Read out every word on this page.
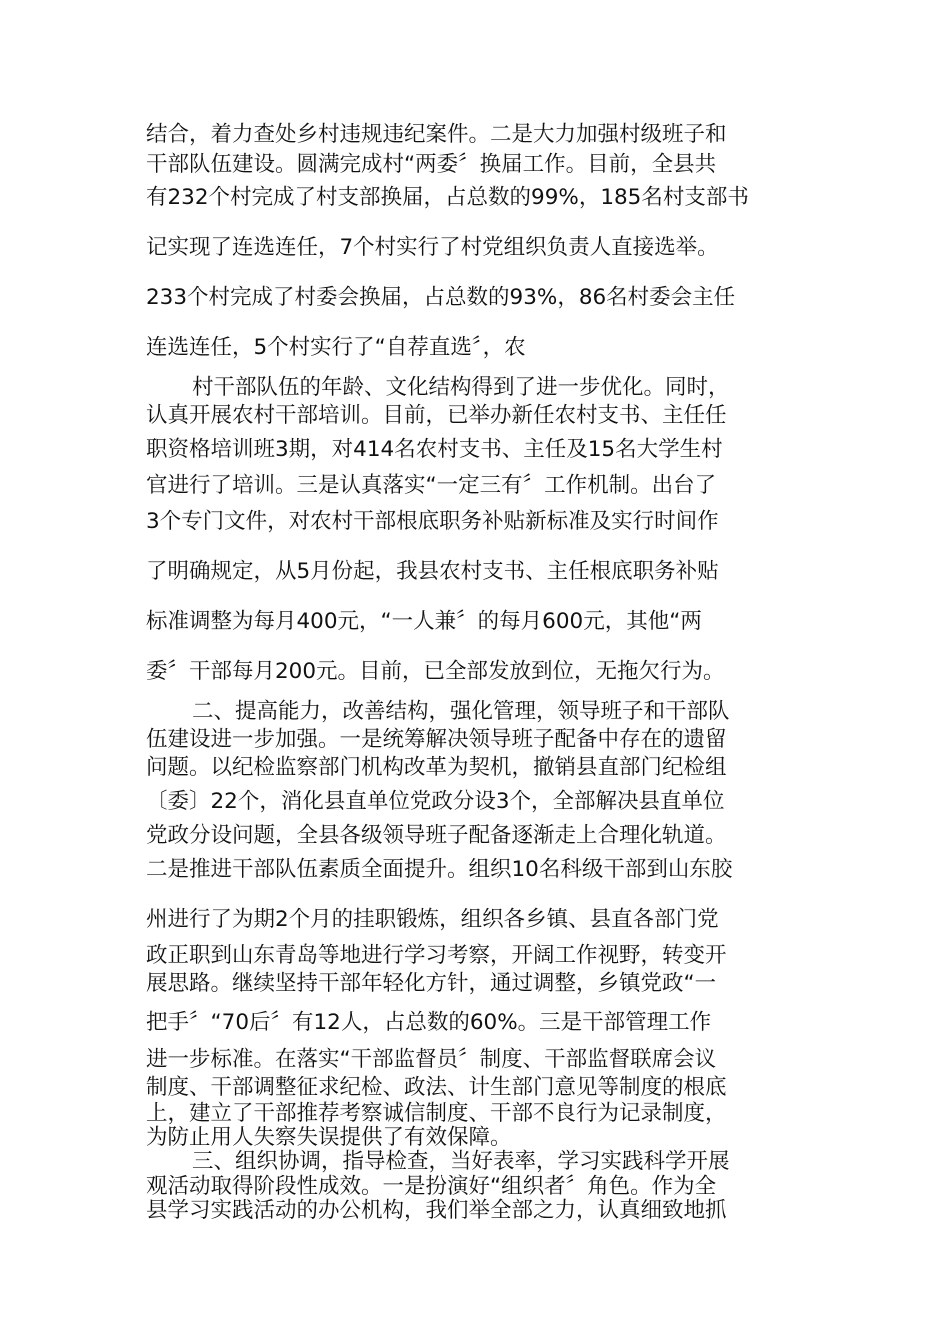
结合，着力查处乡村违规违纪案件。二是大力加强村级班子和
干部队伍建设。圆满完成村“两委〞换届工作。目前，全县共
有232个村完成了村支部换届，占总数的99%，185名村支部书
记实现了连选连任，7个村实行了村党组织负责人直接选举。
233个村完成了村委会换届，占总数的93%，86名村委会主任
连选连任，5个村实行了“自荐直选〞，农
村干部队伍的年龄、文化结构得到了进一步优化。同时，
认真开展农村干部培训。目前，已举办新任农村支书、主任任
职资格培训班3期，对414名农村支书、主任及15名大学生村
官进行了培训。三是认真落实“一定三有〞工作机制。出台了
3个专门文件，对农村干部根底职务补贴新标准及实行时间作
了明确规定，从5月份起，我县农村支书、主任根底职务补贴
标准调整为每月400元，“一人兼〞的每月600元，其他“两
委〞干部每月200元。目前，已全部发放到位，无拖欠行为。
二、提高能力，改善结构，强化管理，领导班子和干部队
伍建设进一步加强。一是统筹解决领导班子配备中存在的遗留
问题。以纪检监察部门机构改革为契机，撤销县直部门纪检组
〔委〕22个，消化县直单位党政分设3个，全部解决县直单位
党政分设问题，全县各级领导班子配备逐渐走上合理化轨道。
二是推进干部队伍素质全面提升。组织10名科级干部到山东胶
州进行了为期2个月的挂职锻炼，组织各乡镇、县直各部门党
政正职到山东青岛等地进行学习考察，开阔工作视野，转变开
展思路。继续坚持干部年轻化方针，通过调整，乡镇党政“一
把手〞“70后〞有12人，占总数的60%。三是干部管理工作
进一步标准。在落实“干部监督员〞制度、干部监督联席会议
制度、干部调整征求纪检、政法、计生部门意见等制度的根底
上，建立了干部推荐考察诚信制度、干部不良行为记录制度，
为防止用人失察失误提供了有效保障。
三、组织协调，指导检查，当好表率，学习实践科学开展
观活动取得阶段性成效。一是扮演好“组织者〞角色。作为全
县学习实践活动的办公机构，我们举全部之力，认真细致地抓
